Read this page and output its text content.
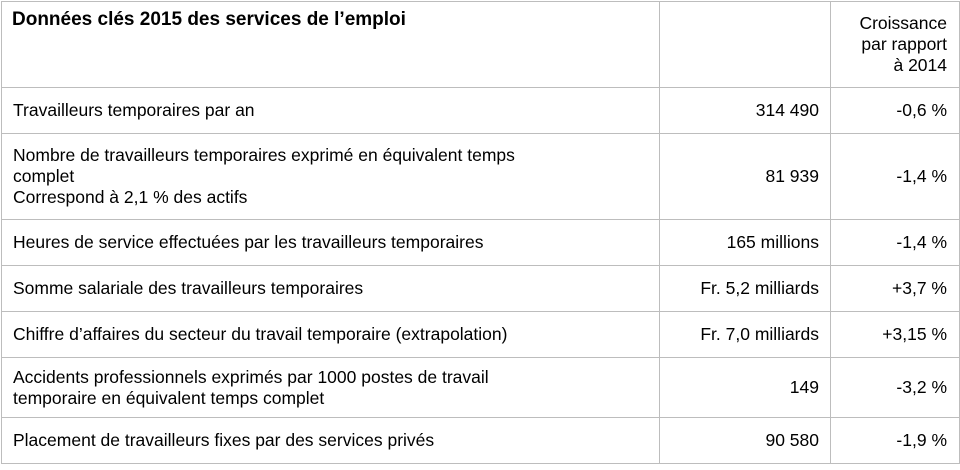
Données clés 2015 des services de l’emploi		Croissance
par rapport
à 2014

Travailleurs temporaires par an	314 490	-0,6 %

Nombre de travailleurs temporaires exprimé en équivalent temps
complet
Correspond à 2,1 % des actifs	81 939	-1,4 %

Heures de service effectuées par les travailleurs temporaires	165 millions	-1,4 %

Somme salariale des travailleurs temporaires	Fr. 5,2 milliards	+3,7 %

Chiffre d’affaires du secteur du travail temporaire (extrapolation)	Fr. 7,0 milliards	+3,15 %

Accidents professionnels exprimés par 1000 postes de travail
temporaire en équivalent temps complet	149	-3,2 %

Placement de travailleurs fixes par des services privés	90 580	-1,9 %
